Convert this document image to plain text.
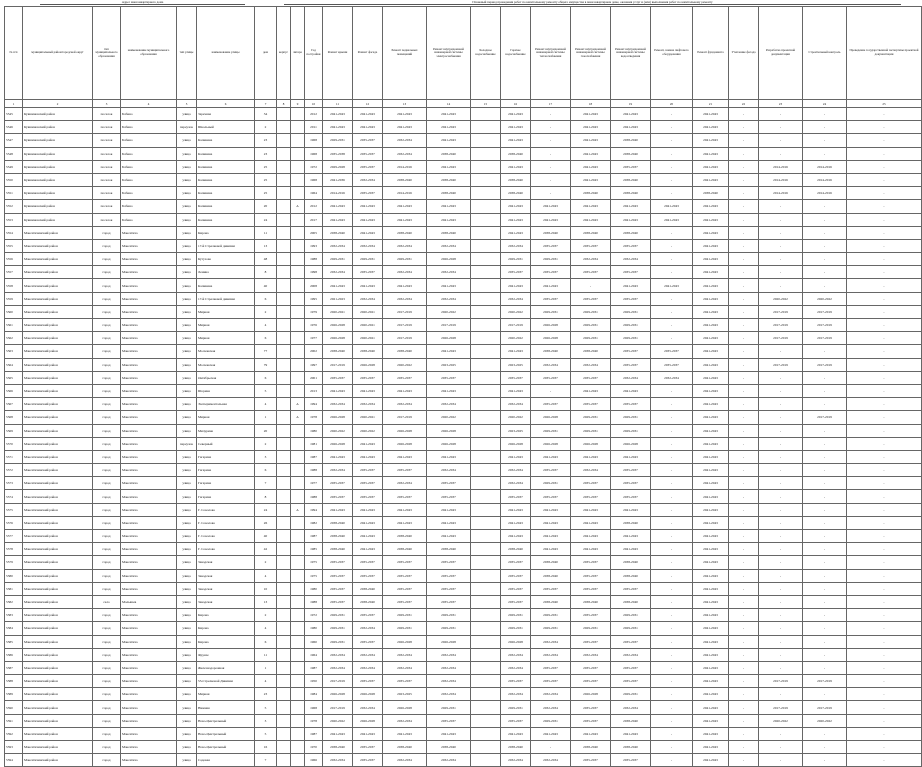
Адрес многоквартирного дома	Плановый период проведения работ по капитальному ремонту общего имущества в многоквартирном доме, оказания услуг и (или) выполнения работ по капитальному ремонту
№ п/п	муниципальный район/городской округ	тип муниципального образования	наименование муниципального образования	тип улицы	наименование улицы	дом	корпус	литера	Год постройки	Ремонт крыши	Ремонт фасада	Ремонт подвальных помещений	Ремонт внутридомовой инженерной системы электроснабжения	Холодное водоснабжение	Горячее водоснабжение	Ремонт внутридомовой инженерной системы теплоснабжения	Ремонт внутридомовой инженерной системы газоснабжения	Ремонт внутридомовой инженерной системы водоотведения	Ремонт, замена лифтового оборудования	Ремонт фундамента	Утепление фасада	Разработка проектной документации	Строительный контроль	Проведение государственной экспертизы проектной документации
1	2	3	4	5	6	7	8	9	10	11	12	13	14	15	16	17	18	19	20	21	22	23	24	25
5545	Кувшиновский район	поселок	Бобино	улица	Заречная	34			2012	2041-2043	2041-2043	2041-2043	2041-2043		2041-2043	-	2041-2043	2041-2043	-	2041-2043	-	-	-	-
5546	Кувшиновский район	поселок	Бобино	переулок	Школьный	2			2011	2041-2043	2041-2043	2041-2043	2041-2043		2041-2043	-	2041-2043	2041-2043	-	2041-2043	-	-	-	-
5547	Кувшиновский район	поселок	Бобино	улица	Калинина	23			1968	2029-2031	2035-2037	2032-2034	2041-2043		2041-2043	-	2041-2043	2038-2040	-	2041-2043	-	-	-	-
5548	Кувшиновский район	поселок	Бобино	улица	Калинина	23			1968	2035-2038	2035-2037	2032-2034	2038-2040		2038-2040	-	2041-2043	2038-2040	-	2041-2043	-	-	-	-
5549	Кувшиновский район	поселок	Бобино	улица	Калинина	25			1972	2029-2028	2035-2037	2014-2016	2041-2043		2041-2043	-	2041-2043	2035-2037	-	2041-2043	-	2014-2016	2014-2016	-
5550	Кувшиновский район	поселок	Бобино	улица	Калинина	25			1968	2041-2036	2032-2034	2038-2040	2038-2040		2038-2040	-	2041-2043	2038-2040	-	2041-2043	-	2014-2016	2014-2016	-
5551	Кувшиновский район	поселок	Бобино	улица	Калинина	25			1964	2014-2016	2035-2037	2014-2016	2038-2040		2038-2040	-	2038-2040	2038-2040	-	2038-2040	-	2014-2016	2014-2016	-
5552	Кувшиновский район	поселок	Бобино	улица	Калинина	20		А	2012	2041-2043	2041-2043	2041-2043	2041-2043		2041-2043	2041-2043	2041-2043	2041-2043	2041-2043	2041-2043	-	-	-	-
5553	Кувшиновский район	поселок	Бобино	улица	Калинина	24			2017	2041-2043	2041-2043	2041-2043	2041-2043		2041-2043	2041-2043	2041-2043	2041-2043	2041-2043	2041-2043	-	-	-	-
5554	Максатихинский район	город	Максатиха	улица	Кирова	11			2005	2038-2040	2041-2043	2038-2040	2038-2040		2041-2043	2038-2040	2038-2040	2038-2040	-	2041-2043	-	-	-	-
5555	Максатихинский район	город	Максатиха	улица	17-й Стрелковой дивизии	13			1993	2032-2034	2032-2034	2032-2034	2032-2034		2032-2034	2035-2037	2035-2037	2035-2037	-	2041-2043	-	-	-	-
5556	Максатихинский район	город	Максатиха	улица	Кутузова	48			1988	2029-2031	2029-2031	2029-2031	2026-2028		2029-2031	2029-2031	2032-2034	2032-2034	-	2041-2043	-	-	-	-
5557	Максатихинский район	город	Максатиха	улица	Ленина	8			1998	2032-2034	2035-2037	2032-2034	2032-2034		2035-2037	2035-2037	2035-2037	2035-2037	-	2041-2043	-	-	-	-
5558	Максатихинский район	город	Максатиха	улица	Калинина	40			2008	2041-2043	2041-2043	2041-2043	2041-2043		2041-2043	2041-2043	-	2041-2043	2041-2043	2041-2043	-	-	-	-
5559	Максатихинский район	город	Максатиха	улица	17-й Стрелковой дивизии	6			1995	2021-2023	2032-2034	2032-2034	2032-2034		2032-2034	2035-2037	2035-2037	2035-2037	-	2041-2043	-	2020-2022	2020-2022	-
5560	Максатихинский район	город	Максатиха	улица	Мирная	2			1979	2020-2021	2020-2021	2017-2019	2020-2022		2020-2022	2029-2031	2029-2031	2029-2031	-	2041-2043	-	2017-2019	2017-2019	-
5561	Максатихинский район	город	Максатиха	улица	Мирная	4			1976	2026-2028	2020-2021	2017-2019	2017-2019		2017-2019	2026-2028	2029-2031	2029-2031	-	2041-2043	-	2017-2019	2017-2019	-
5562	Максатихинский район	город	Максатиха	улица	Мирная	6			1977	2026-2028	2020-2021	2017-2019	2026-2028		2020-2022	2026-2028	2029-2031	2029-2031	-	2041-2043	-	2017-2019	2017-2019	-
5563	Максатихинский район	город	Максатиха	улица	Московская	77			2002	2038-2040	2038-2040	2038-2040	2041-2043		2041-2043	2038-2040	2038-2040	2035-2037	2035-2037	2041-2043	-	-	-	-
5564	Максатихинский район	город	Максатиха	улица	Московская	79			1997	2017-2019	2026-2028	2020-2022	2023-2025		2023-2025	2032-2034	2032-2034	2035-2037	2035-2037	2041-2043	-	2017-2019	2017-2019	-
5565	Максатихинский район	город	Максатиха	улица	Октябрьская	6			2001	2035-2037	2035-2037	2035-2037	2035-2037		2035-2037	2035-2037	2035-2037	2032-2034	2032-2034	2041-2043	-	-	-	-
5566	Максатихинский район	город	Максатиха	улица	Шорина	5			2013	2041-2043	2041-2043	2041-2043	2041-2043		2041-2043	-	2041-2043	2041-2043	-	2041-2043	-	-	-	-
5567	Максатихинский район	город	Максатиха	улица	Экспериментальная	4		А	1994	2032-2034	2032-2034	2032-2034	2032-2034		2032-2034	2035-2037	2035-2037	2035-2037	-	2041-2043	-	-	-	-
5568	Максатихинский район	город	Максатиха	улица	Мирная	1		А	1978	2026-2028	2020-2021	2017-2019	2020-2022		2020-2022	2026-2028	2029-2031	2029-2031	-	2041-2043	-	-	2017-2019	-
5569	Максатихинский район	город	Максатиха	улица	Мичурина	20			1980	2020-2022	2020-2022	2026-2028	2026-2028		2023-2025	2029-2031	2029-2031	2029-2031	-	2041-2043	-	-	-	-
5570	Максатихинский район	город	Максатиха	переулок	Северный	2			1981	2026-2028	2041-2043	2026-2028	2026-2028		2026-2028	2026-2028	2026-2028	2026-2028	-	2041-2043	-	-	-	-
5571	Максатихинский район	город	Максатиха	улица	Гагарина	3			1987	2041-2043	2041-2043	2041-2043	2041-2043		2041-2043	2041-2043	2041-2043	2041-2043	-	2041-2043	-	-	-	-
5572	Максатихинский район	город	Максатиха	улица	Гагарина	6			1988	2032-2034	2035-2037	2035-2037	2032-2034		2032-2034	2035-2037	2032-2034	2035-2037	-	2041-2043	-	-	-	-
5573	Максатихинский район	город	Максатиха	улица	Гагарина	7			1977	2035-2037	2035-2037	2032-2034	2035-2037		2032-2034	2029-2031	2035-2037	2035-2037	-	2041-2043	-	-	-	-
5574	Максатихинский район	город	Максатиха	улица	Гагарина	8			1988	2035-2037	2035-2037	2035-2037	2035-2037		2035-2037	2035-2037	2035-2037	2035-2037	-	2041-2043	-	-	-	-
5575	Максатихинский район	город	Максатиха	улица	Г. Соколова	24		А	1994	2041-2043	2041-2043	2041-2043	2041-2043		2041-2043	2041-2043	2041-2043	2041-2043	-	2041-2043	-	-	-	-
5576	Максатихинский район	город	Максатиха	улица	Г. Соколова	26			1982	2038-2040	2041-2043	2041-2043	2041-2043		2041-2043	2041-2043	2041-2043	2038-2040	-	2041-2043	-	-	-	-
5577	Максатихинский район	город	Максатиха	улица	Г. Соколова	40			1987	2038-2040	2041-2043	2038-2040	2041-2043		2041-2043	2041-2043	2041-2043	2041-2043	-	2041-2043	-	-	-	-
5578	Максатихинский район	город	Максатиха	улица	Г. Соколова	42			1985	2038-2040	2041-2043	2038-2040	2038-2040		2038-2040	2041-2043	2041-2043	2041-2043	-	2041-2043	-	-	-	-
5579	Максатихинский район	город	Максатиха	улица	Заводская	2			1975	2035-2037	2035-2037	2035-2037	2035-2037		2035-2037	2038-2040	2035-2037	2038-2040	-	2041-2043	-	-	-	-
5580	Максатихинский район	город	Максатиха	улица	Заводская	4			1975	2035-2037	2035-2037	2035-2037	2035-2037		2035-2037	2038-2040	2035-2037	2038-2040	-	2041-2043	-	-	-	-
5581	Максатихинский район	город	Максатиха	улица	Заводская	10			1980	2035-2037	2038-2040	2035-2037	2035-2037		2035-2037	2035-2037	2035-2037	2035-2037	-	2041-2043	-	-	-	-
5582	Максатихинский район	село	Малышев	улица	Заводская	13			1988	2035-2037	2038-2040	2035-2037	2035-2037		2035-2037	2038-2040	2038-2040	2038-2040	-	2041-2043	-	-	-	-
5583	Максатихинский район	город	Максатиха	улица	Кирова	2			1972	2029-2031	2035-2037	2029-2031	2029-2031		2029-2031	2029-2031	2035-2037	2029-2031	-	2041-2043	-	-	-	-
5584	Максатихинский район	город	Максатиха	улица	Кирова	4			1980	2029-2031	2032-2034	2029-2031	2029-2031		2029-2031	2029-2031	2029-2031	2029-2031	-	2041-2043	-	-	-	-
5585	Максатихинский район	город	Максатиха	улица	Кирова	6			1960	2029-2031	2035-2037	2026-2028	2026-2028		2026-2028	2032-2034	2035-2037	2035-2037	-	2041-2043	-	-	-	-
5586	Максатихинский район	город	Максатиха	улица	Фрунзе	11			1964	2032-2034	2032-2034	2032-2034	2032-2034		2032-2034	2032-2034	2032-2034	2032-2034	-	2041-2043	-	-	-	-
5587	Максатихинский район	город	Максатиха	улица	Железнодорожная	1			1987	2032-2034	2032-2034	2032-2034	2032-2034		2032-2034	2035-2037	2035-2037	2035-2037	-	2041-2043	-	-	-	-
5588	Максатихинский район	город	Максатиха	улица	53-Стрелковой Дивизии	4			1950	2017-2019	2035-2037	2035-2037	2032-2034		2035-2037	2035-2037	2035-2037	2035-2037	-	2041-2043	-	2017-2019	2017-2019	-
5589	Максатихинский район	город	Максатиха	улица	Мирная	23			1984	2026-2028	2026-2028	2023-2025	2032-2034		2032-2034	2032-2034	2026-2028	2029-2031	-	2041-2043	-	-	-	-
5590	Максатихинский район	город	Максатиха	улица	Нижняя	5			1968	2017-2019	2032-2034	2026-2028	2029-2031		2029-2031	2032-2034	2035-2037	2032-2034	-	2041-2043	-	2017-2019	2017-2019	-
5591	Максатихинский район	город	Максатиха	улица	Ново-Центральный	3			1978	2020-2022	2026-2028	2032-2034	2035-2037		2035-2037	2029-2031	2035-2037	2038-2040	-	2041-2043	-	2020-2022	2020-2022	-
5592	Максатихинский район	город	Максатиха	улица	Ново-Центральный	5			1987	2041-2043	2041-2043	2041-2043	2041-2043		2041-2043	2041-2043	2041-2043	2041-2043	-	2041-2043	-	-	-	-
5593	Максатихинский район	город	Максатиха	улица	Ново-Центральный	16			1970	2038-2040	2035-2037	2038-2040	2038-2040		2038-2040	-	2038-2040	2038-2040	-	2041-2043	-	-	-	-
5594	Максатихинский район	город	Максатиха	улица	Садовая	7			1966	2032-2034	2035-2037	2032-2034	2032-2034		2032-2034	2032-2034	2035-2037	2035-2037	-	2041-2043	-	-	-	-
